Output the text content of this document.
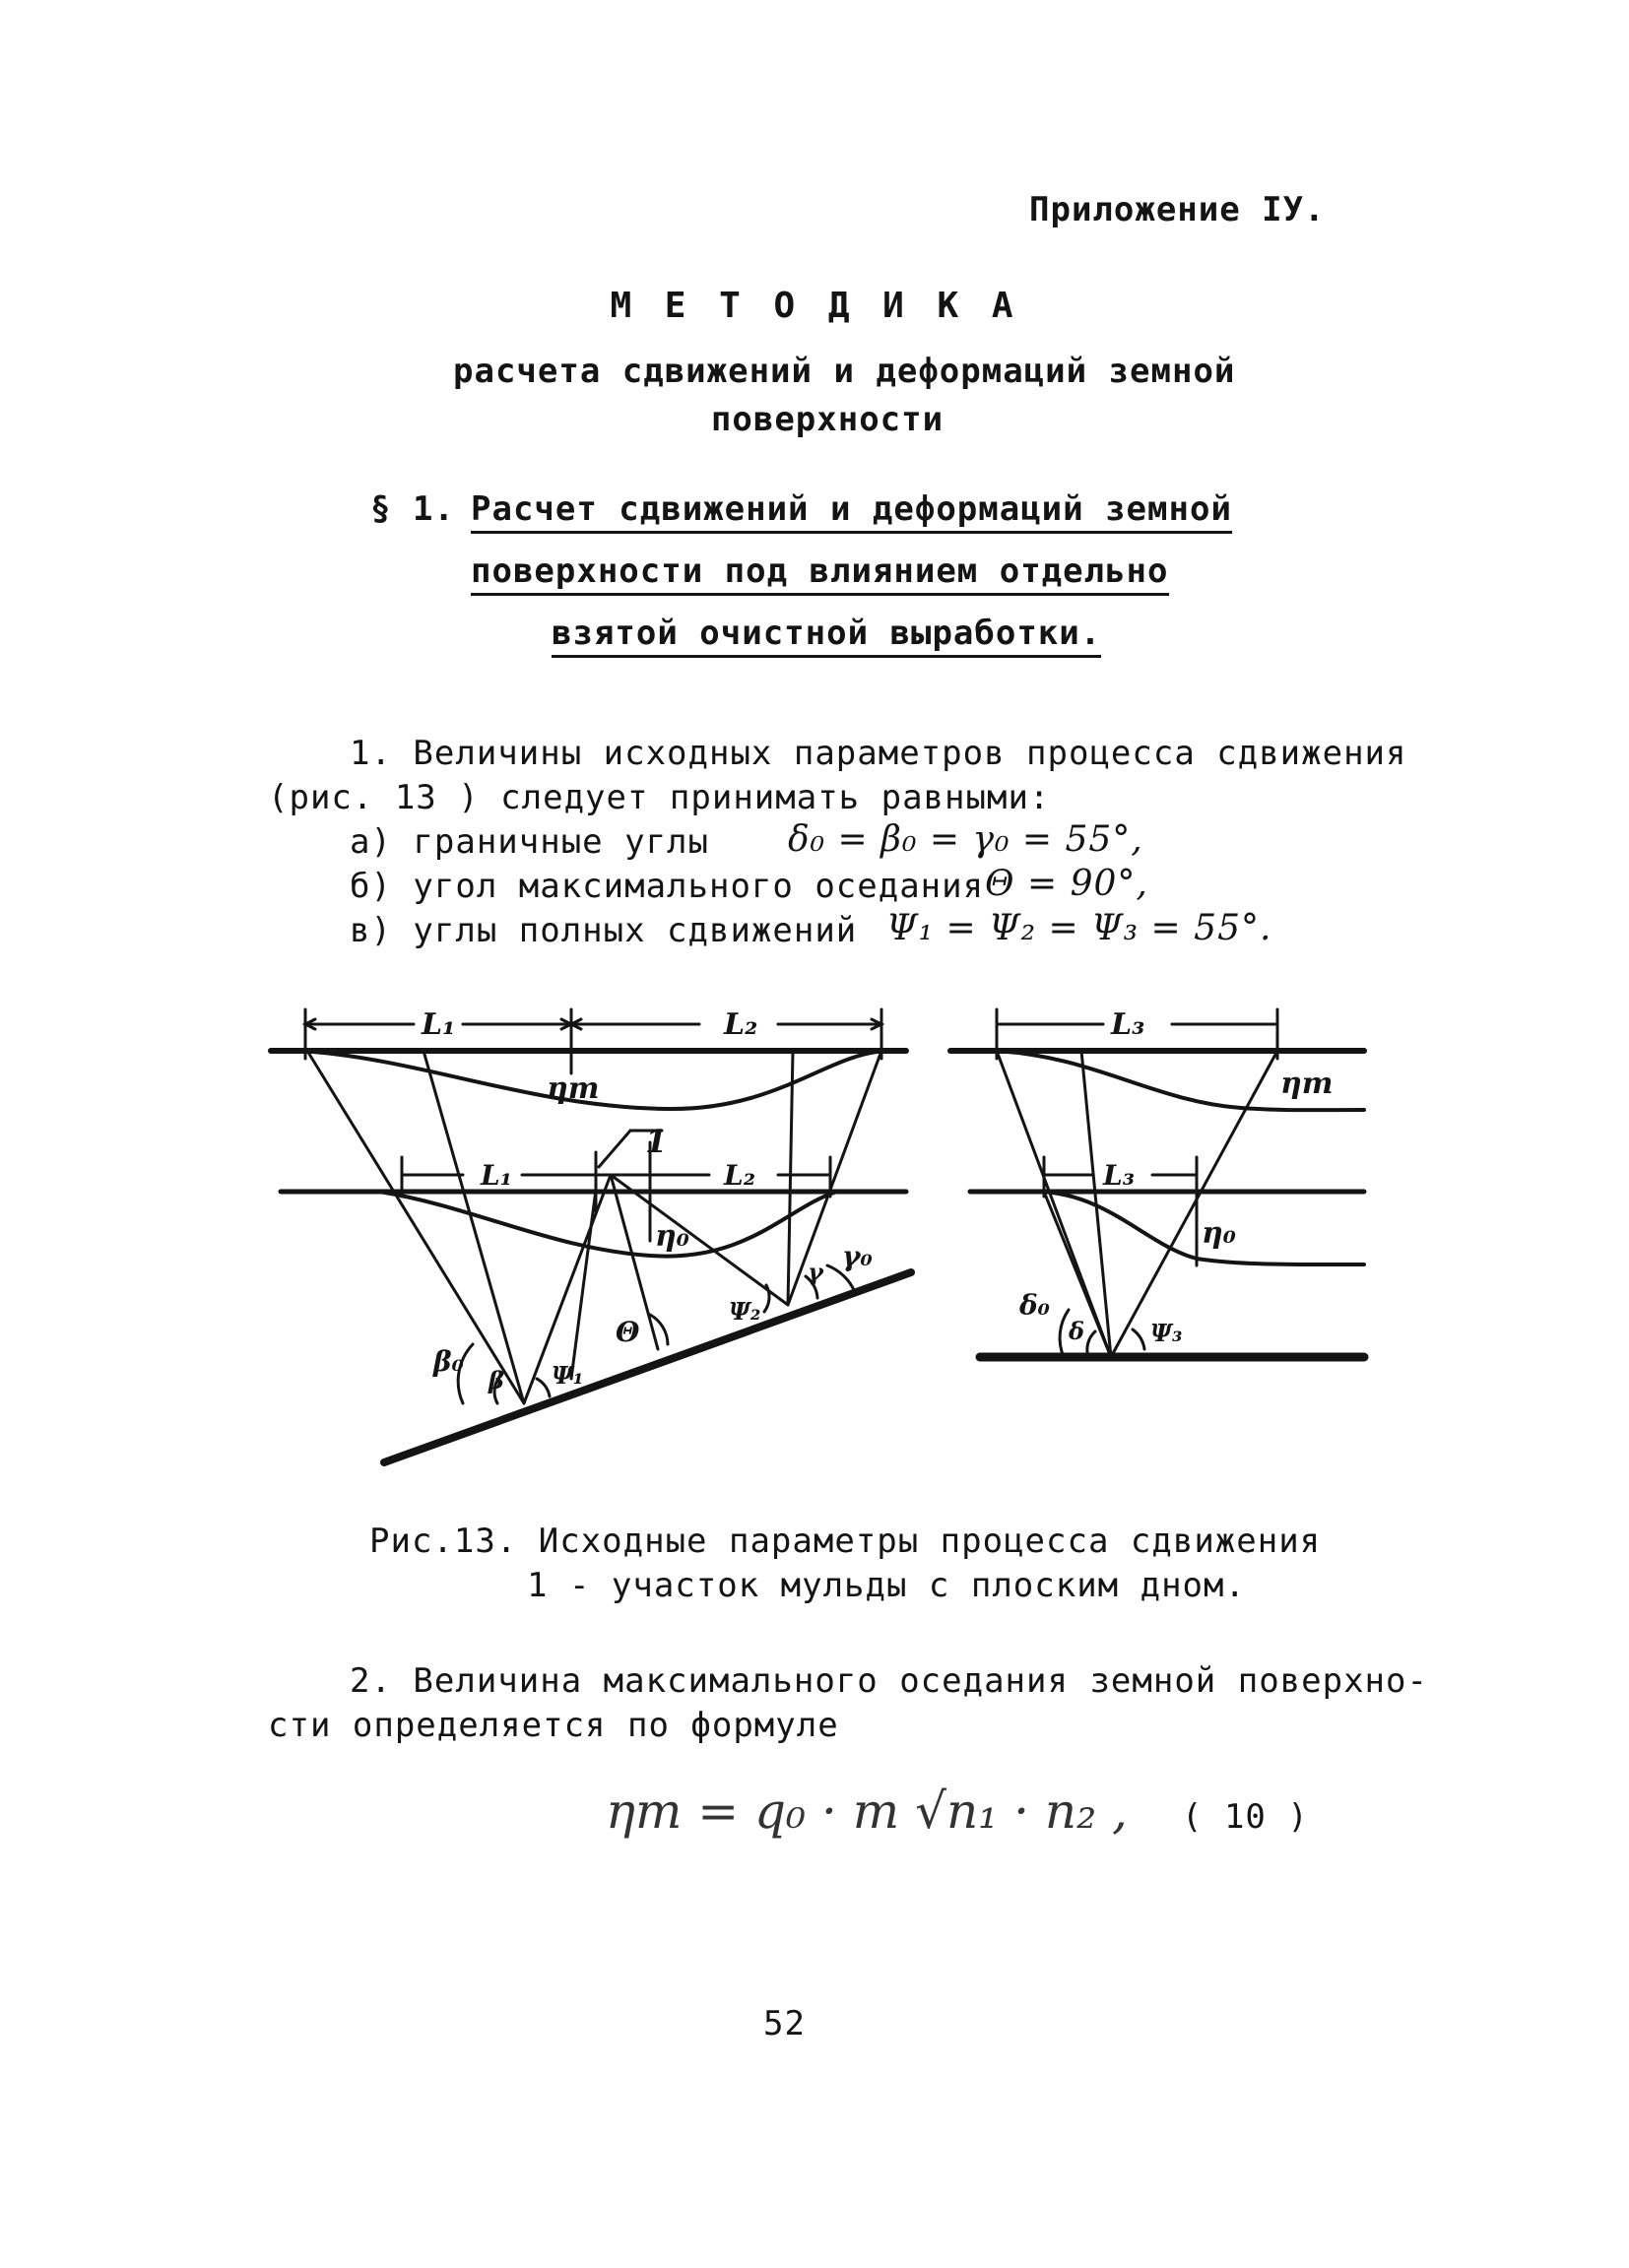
Приложение IУ.
М Е Т О Д И К А
расчета сдвижений и деформаций земной
поверхности
§ 1. Расчет сдвижений и деформаций земной
поверхности под влиянием отдельно
взятой очистной выработки.
1. Величины исходных параметров процесса сдвижения
(рис. 13 ) следует принимать равными:
а) граничные углы δ₀ = β₀ = γ₀ = 55°,
б) угол максимального оседания Θ = 90°,
в) углы полных сдвижений Ψ₁ = Ψ₂ = Ψ₃ = 55°.
L₁	L₂
ηm
1
L₁	L₂
η₀
β₀
β Ψ₁
Θ
Ψ₂
γ γ₀
L₃
ηm
L₃
η₀
δ₀
δ	Ψ₃
Рис.13. Исходные параметры процесса сдвижения
1 - участок мульды с плоским дном.
2. Величина максимального оседания земной поверхно-
сти определяется по формуле
ηm = q₀ · m √n₁ · n₂ , ( 10 )
52
